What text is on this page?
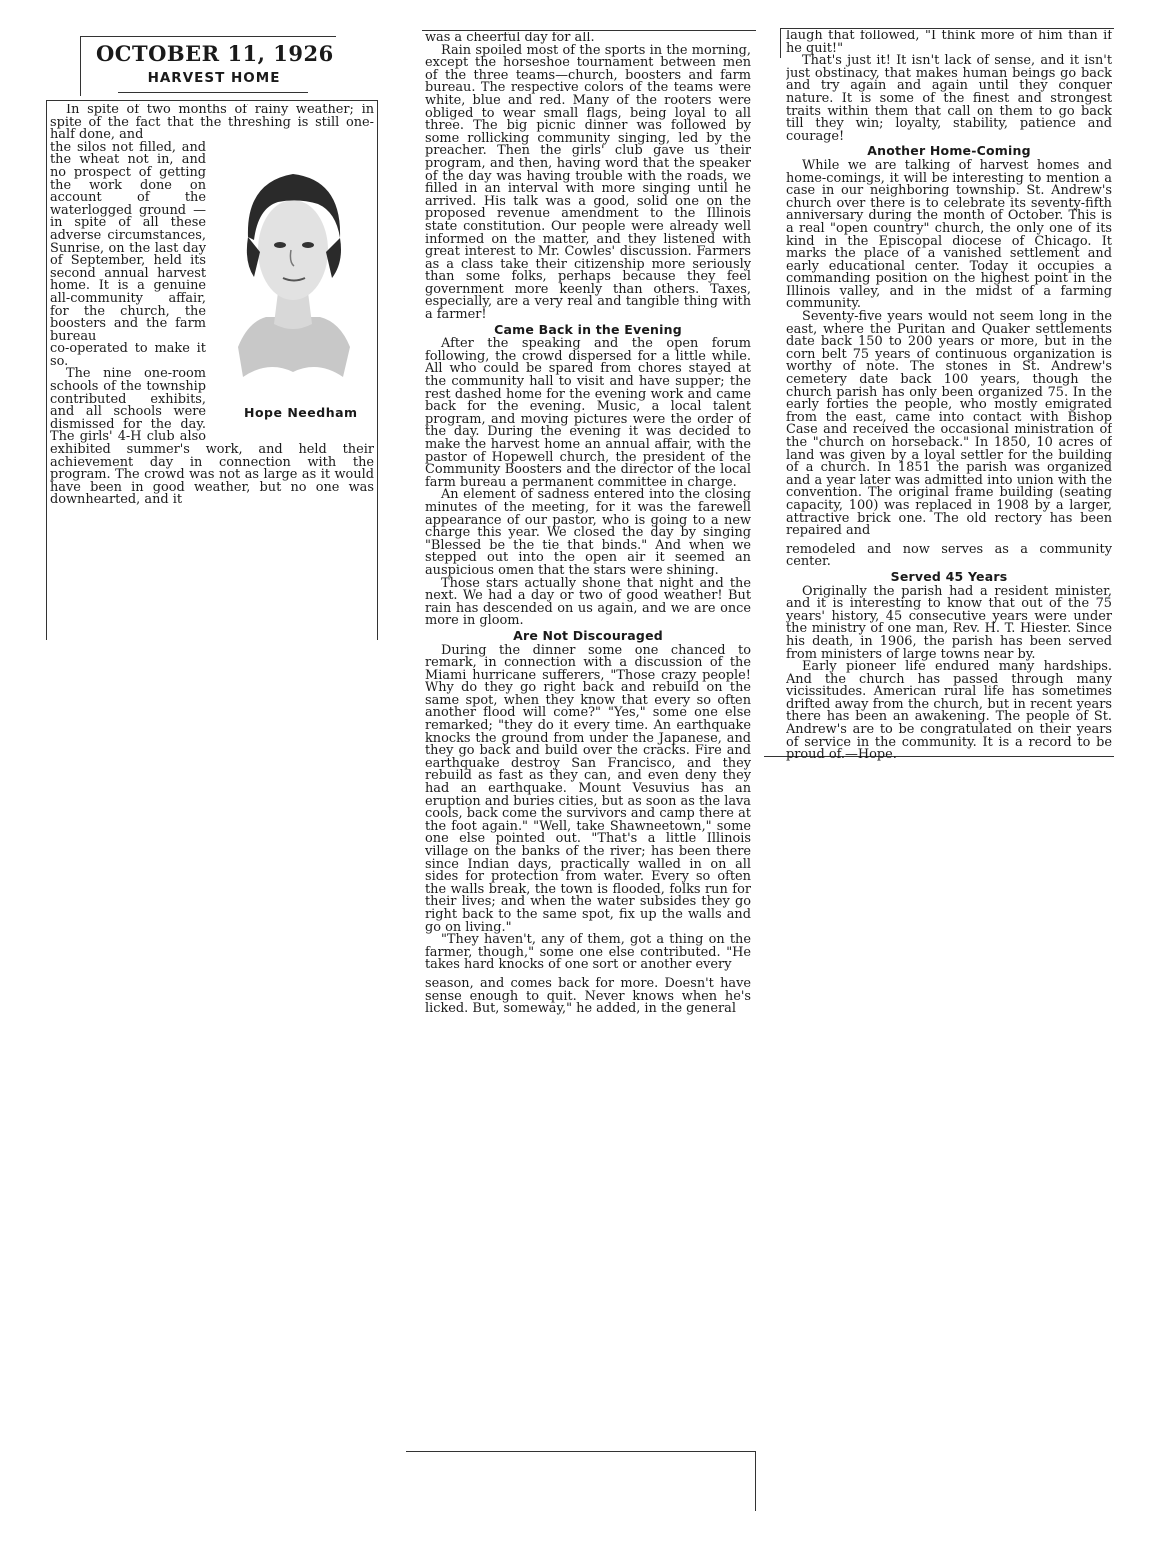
OCTOBER 11, 1926
HARVEST HOME

In spite of two months of rainy weather; in spite of the fact that the threshing is still one-half done, and

Hope Needham

the silos not filled, and the wheat not in, and no prospect of getting the work done on account of the waterlogged ground — in spite of all these adverse circumstances, Sunrise, on the last day of September, held its second annual harvest home. It is a genuine all-community affair, for the church, the boosters and the farm bureau

co-operated to make it so.

The nine one-room schools of the township contributed exhibits, and all schools were dismissed for the day. The girls' 4-H club also exhibited summer's work, and held their achievement day in connection with the program. The crowd was not as large as it would have been in good weather, but no one was downhearted, and it

was a cheerful day for all.

Rain spoiled most of the sports in the morning, except the horseshoe tournament between men of the three teams—church, boosters and farm bureau. The respective colors of the teams were white, blue and red. Many of the rooters were obliged to wear small flags, being loyal to all three. The big picnic dinner was followed by some rollicking community singing, led by the preacher. Then the girls' club gave us their program, and then, having word that the speaker of the day was having trouble with the roads, we filled in an interval with more singing until he arrived. His talk was a good, solid one on the proposed revenue amendment to the Illinois state constitution. Our people were already well informed on the matter, and they listened with great interest to Mr. Cowles' discussion. Farmers as a class take their citizenship more seriously than some folks, perhaps because they feel government more keenly than others. Taxes, especially, are a very real and tangible thing with a farmer!

Came Back in the Evening

After the speaking and the open forum following, the crowd dispersed for a little while. All who could be spared from chores stayed at the community hall to visit and have supper; the rest dashed home for the evening work and came back for the evening. Music, a local talent program, and moving pictures were the order of the day. During the evening it was decided to make the harvest home an annual affair, with the pastor of Hopewell church, the president of the Community Boosters and the director of the local farm bureau a permanent committee in charge.

An element of sadness entered into the closing minutes of the meeting, for it was the farewell appearance of our pastor, who is going to a new charge this year. We closed the day by singing "Blessed be the tie that binds." And when we stepped out into the open air it seemed an auspicious omen that the stars were shining.

Those stars actually shone that night and the next. We had a day or two of good weather! But rain has descended on us again, and we are once more in gloom.

Are Not Discouraged

During the dinner some one chanced to remark, in connection with a discussion of the Miami hurricane sufferers, "Those crazy people! Why do they go right back and rebuild on the same spot, when they know that every so often another flood will come?" "Yes," some one else remarked; "they do it every time. An earthquake knocks the ground from under the Japanese, and they go back and build over the cracks. Fire and earthquake destroy San Francisco, and they rebuild as fast as they can, and even deny they had an earthquake. Mount Vesuvius has an eruption and buries cities, but as soon as the lava cools, back come the survivors and camp there at the foot again." "Well, take Shawneetown," some one else pointed out. "That's a little Illinois village on the banks of the river; has been there since Indian days, practically walled in on all sides for protection from water. Every so often the walls break, the town is flooded, folks run for their lives; and when the water subsides they go right back to the same spot, fix up the walls and go on living."

"They haven't, any of them, got a thing on the farmer, though," some one else contributed. "He takes hard knocks of one sort or another every

season, and comes back for more. Doesn't have sense enough to quit. Never knows when he's licked. But, someway," he added, in the general

laugh that followed, "I think more of him than if he quit!"

That's just it! It isn't lack of sense, and it isn't just obstinacy, that makes human beings go back and try again and again until they conquer nature. It is some of the finest and strongest traits within them that call on them to go back till they win; loyalty, stability, patience and courage!

Another Home-Coming

While we are talking of harvest homes and home-comings, it will be interesting to mention a case in our neighboring township. St. Andrew's church over there is to celebrate its seventy-fifth anniversary during the month of October. This is a real "open country" church, the only one of its kind in the Episcopal diocese of Chicago. It marks the place of a vanished settlement and early educational center. Today it occupies a commanding position on the highest point in the Illinois valley, and in the midst of a farming community.

Seventy-five years would not seem long in the east, where the Puritan and Quaker settlements date back 150 to 200 years or more, but in the corn belt 75 years of continuous organization is worthy of note. The stones in St. Andrew's cemetery date back 100 years, though the church parish has only been organized 75. In the early forties the people, who mostly emigrated from the east, came into contact with Bishop Case and received the occasional ministration of the "church on horseback." In 1850, 10 acres of land was given by a loyal settler for the building of a church. In 1851 the parish was organized and a year later was admitted into union with the convention. The original frame building (seating capacity, 100) was replaced in 1908 by a larger, attractive brick one. The old rectory has been repaired and

remodeled and now serves as a community center.

Served 45 Years

Originally the parish had a resident minister, and it is interesting to know that out of the 75 years' history, 45 consecutive years were under the ministry of one man, Rev. H. T. Hiester. Since his death, in 1906, the parish has been served from ministers of large towns near by.

Early pioneer life endured many hardships. And the church has passed through many vicissitudes. American rural life has sometimes drifted away from the church, but in recent years there has been an awakening. The people of St. Andrew's are to be congratulated on their years of service in the community. It is a record to be proud of.—Hope.
